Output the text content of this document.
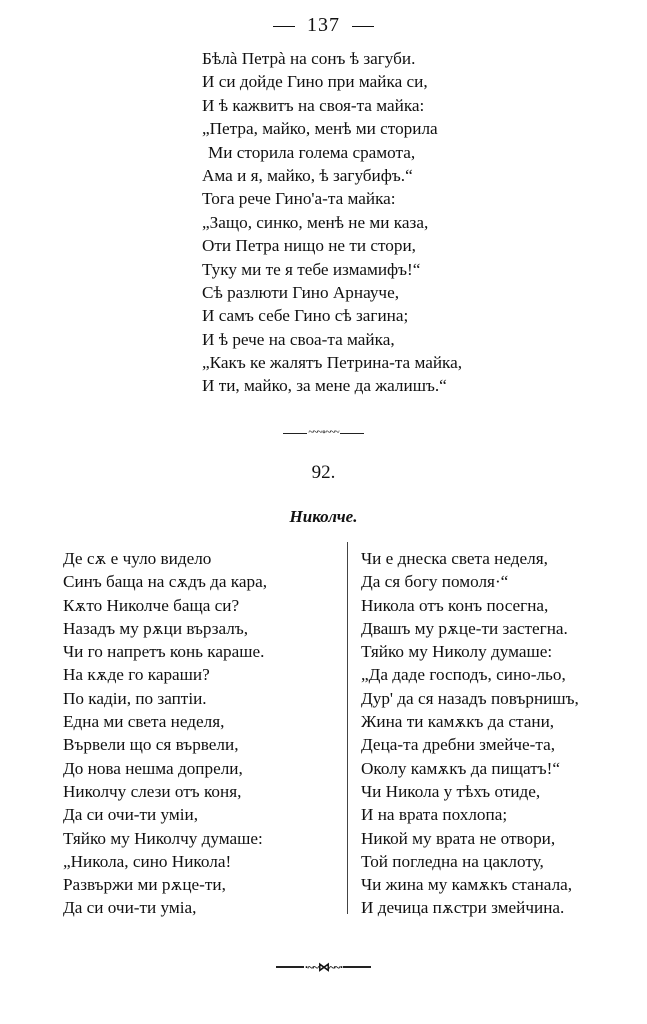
137
Бѣлà Петрà на сонъ ѣ загуби.
И си дойде Гино при майка си,
И ѣ кажвитъ на своя-та майка:
„Петра, майко, менѣ ми сторила
Ми сторила голема срамота,
Ама и я, майко, ѣ загубифъ.“
Тога рече Гино'а-та майка:
„Защо, синко, менѣ не ми каза,
Оти Петра нищо не ти стори,
Туку ми те я тебе измамифъ!“
Сѣ разлюти Гино Арнауче,
И самъ себе Гино сѣ загина;
И ѣ рече на своа-та майка,
„Какъ ке жалятъ Петрина-та майка,
И ти, майко, за мене да жалишъ.“
~~~∘~~~
92.
Николче.
Де сѫ е чуло видело
Синъ баща на сѫдъ да кара,
Кѫто Николче баща си?
Назадъ му рѫци вързалъ,
Чи го напретъ конь караше.
На кѫде го караши?
По кадiи, по заптiи.
Една ми света неделя,
Вървели що ся вървели,
До нова нешма допрели,
Николчу слези отъ коня,
Да си очи-ти умiи,
Тяйко му Николчу думаше:
„Никола, сино Никола!
Развържи ми рѫце-ти,
Да си очи-ти умiа,
Чи е днеска света неделя,
Да ся богу помоля·“
Никола отъ конъ посегна,
Двашъ му рѫце-ти застегна.
Тяйко му Николу думаше:
„Да даде господъ, сино-льо,
Дур' да ся назадъ повърнишъ,
Жина ти камѫкъ да стани,
Деца-та дребни змейче-та,
Околу камѫкъ да пищатъ!“
Чи Никола у тѣхъ отиде,
И на врата похлопа;
Никой му врата не отвори,
Той погледна на цаклоту,
Чи жина му камѫкъ станала,
И дечица пѫстри змейчина.
·~~⋈~~·
